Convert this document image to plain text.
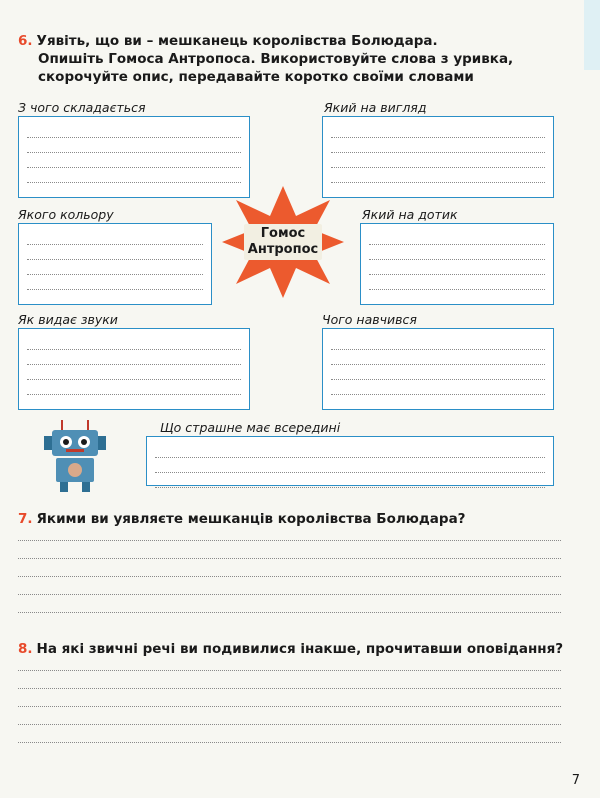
6. Уявіть, що ви – мешканець королівства Болюдара.
Опишіть Гомоса Антропоса. Використовуйте слова з уривка,
скорочуйте опис, передавайте коротко своїми словами
З чого складається	Який на вигляд
Якого кольору	Який на дотик
Гомос
Антропос
Як видає звуки	Чого навчився
Що страшне має всередині
7. Якими ви уявляєте мешканців королівства Болюдара?
8. На які звичні речі ви подивилися інакше, прочитавши оповідання?
7
